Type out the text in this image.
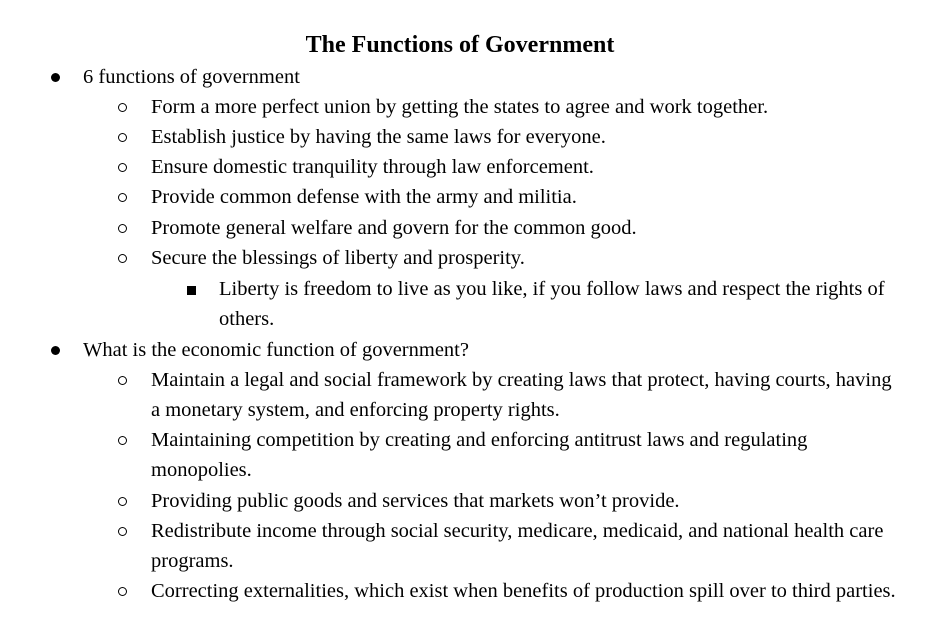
The Functions of Government
6 functions of government
Form a more perfect union by getting the states to agree and work together.
Establish justice by having the same laws for everyone.
Ensure domestic tranquility through law enforcement.
Provide common defense with the army and militia.
Promote general welfare and govern for the common good.
Secure the blessings of liberty and prosperity.
Liberty is freedom to live as you like, if you follow laws and respect the rights of others.
What is the economic function of government?
Maintain a legal and social framework by creating laws that protect, having courts, having a monetary system, and enforcing property rights.
Maintaining competition by creating and enforcing antitrust laws and regulating monopolies.
Providing public goods and services that markets won’t provide.
Redistribute income through social security, medicare, medicaid, and national health care programs.
Correcting externalities, which exist when benefits of production spill over to third parties.
